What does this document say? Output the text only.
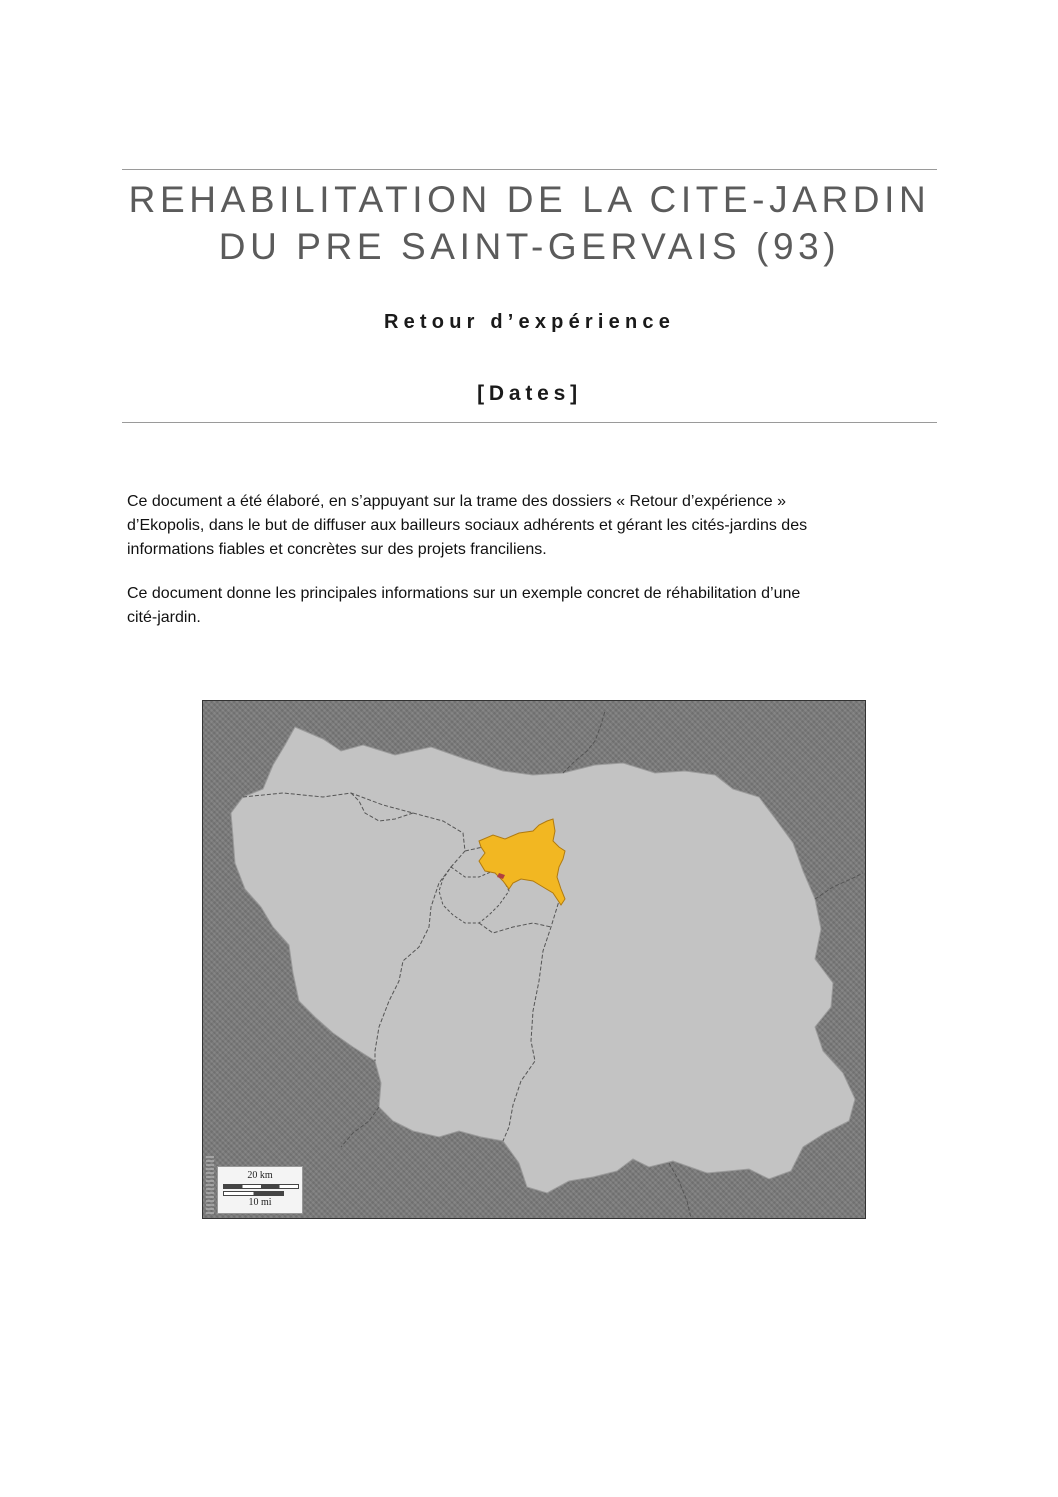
REHABILITATION DE LA CITE-JARDIN
DU PRE SAINT-GERVAIS (93)
Retour d’expérience
[Dates]

Ce document a été élaboré, en s’appuyant sur la trame des dossiers « Retour d’expérience »
d’Ekopolis, dans le but de diffuser aux bailleurs sociaux adhérents et gérant les cités-jardins des
informations fiables et concrètes sur des projets franciliens.

Ce document donne les principales informations sur un exemple concret de réhabilitation d’une
cité-jardin.

20 km
10 mi
